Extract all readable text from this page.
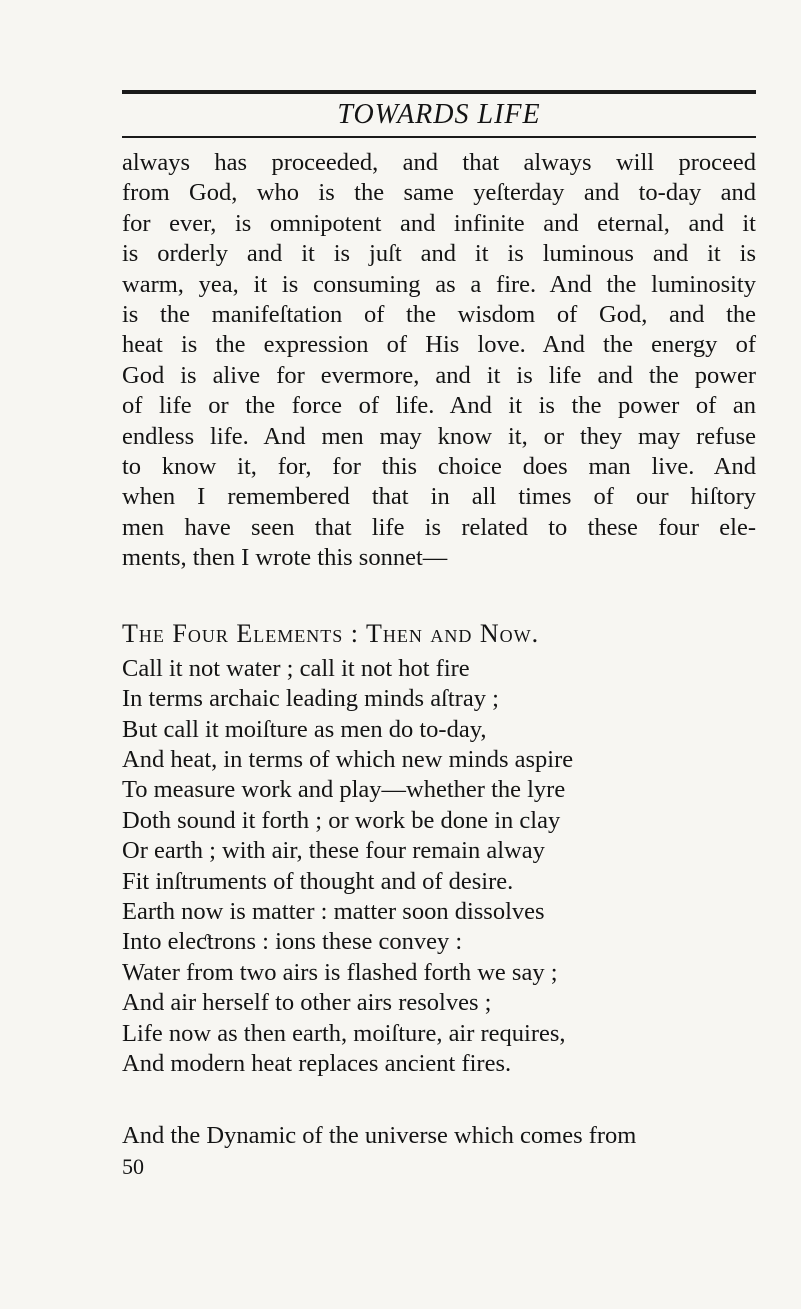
TOWARDS LIFE
always has proceeded, and that always will proceed
from God, who is the same yeſterday and to-day and
for ever, is omnipotent and infinite and eternal, and it
is orderly and it is juſt and it is luminous and it is
warm, yea, it is consuming as a fire. And the luminosity
is the manifeſtation of the wisdom of God, and the
heat is the expression of His love. And the energy of
God is alive for evermore, and it is life and the power
of life or the force of life. And it is the power of an
endless life. And men may know it, or they may refuse
to know it, for, for this choice does man live. And
when I remembered that in all times of our hiſtory
men have seen that life is related to these four ele-
ments, then I wrote this sonnet—
The Four Elements : Then and Now.
Call it not water ; call it not hot fire
In terms archaic leading minds aſtray ;
But call it moiſture as men do to-day,
And heat, in terms of which new minds aspire
To measure work and play—whether the lyre
Doth sound it forth ; or work be done in clay
Or earth ; with air, these four remain alway
Fit inſtruments of thought and of desire.
Earth now is matter : matter soon dissolves
Into eleƈtrons : ions these convey :
Water from two airs is flashed forth we say ;
And air herself to other airs resolves ;
Life now as then earth, moiſture, air requires,
And modern heat replaces ancient fires.
And the Dynamic of the universe which comes from
50
